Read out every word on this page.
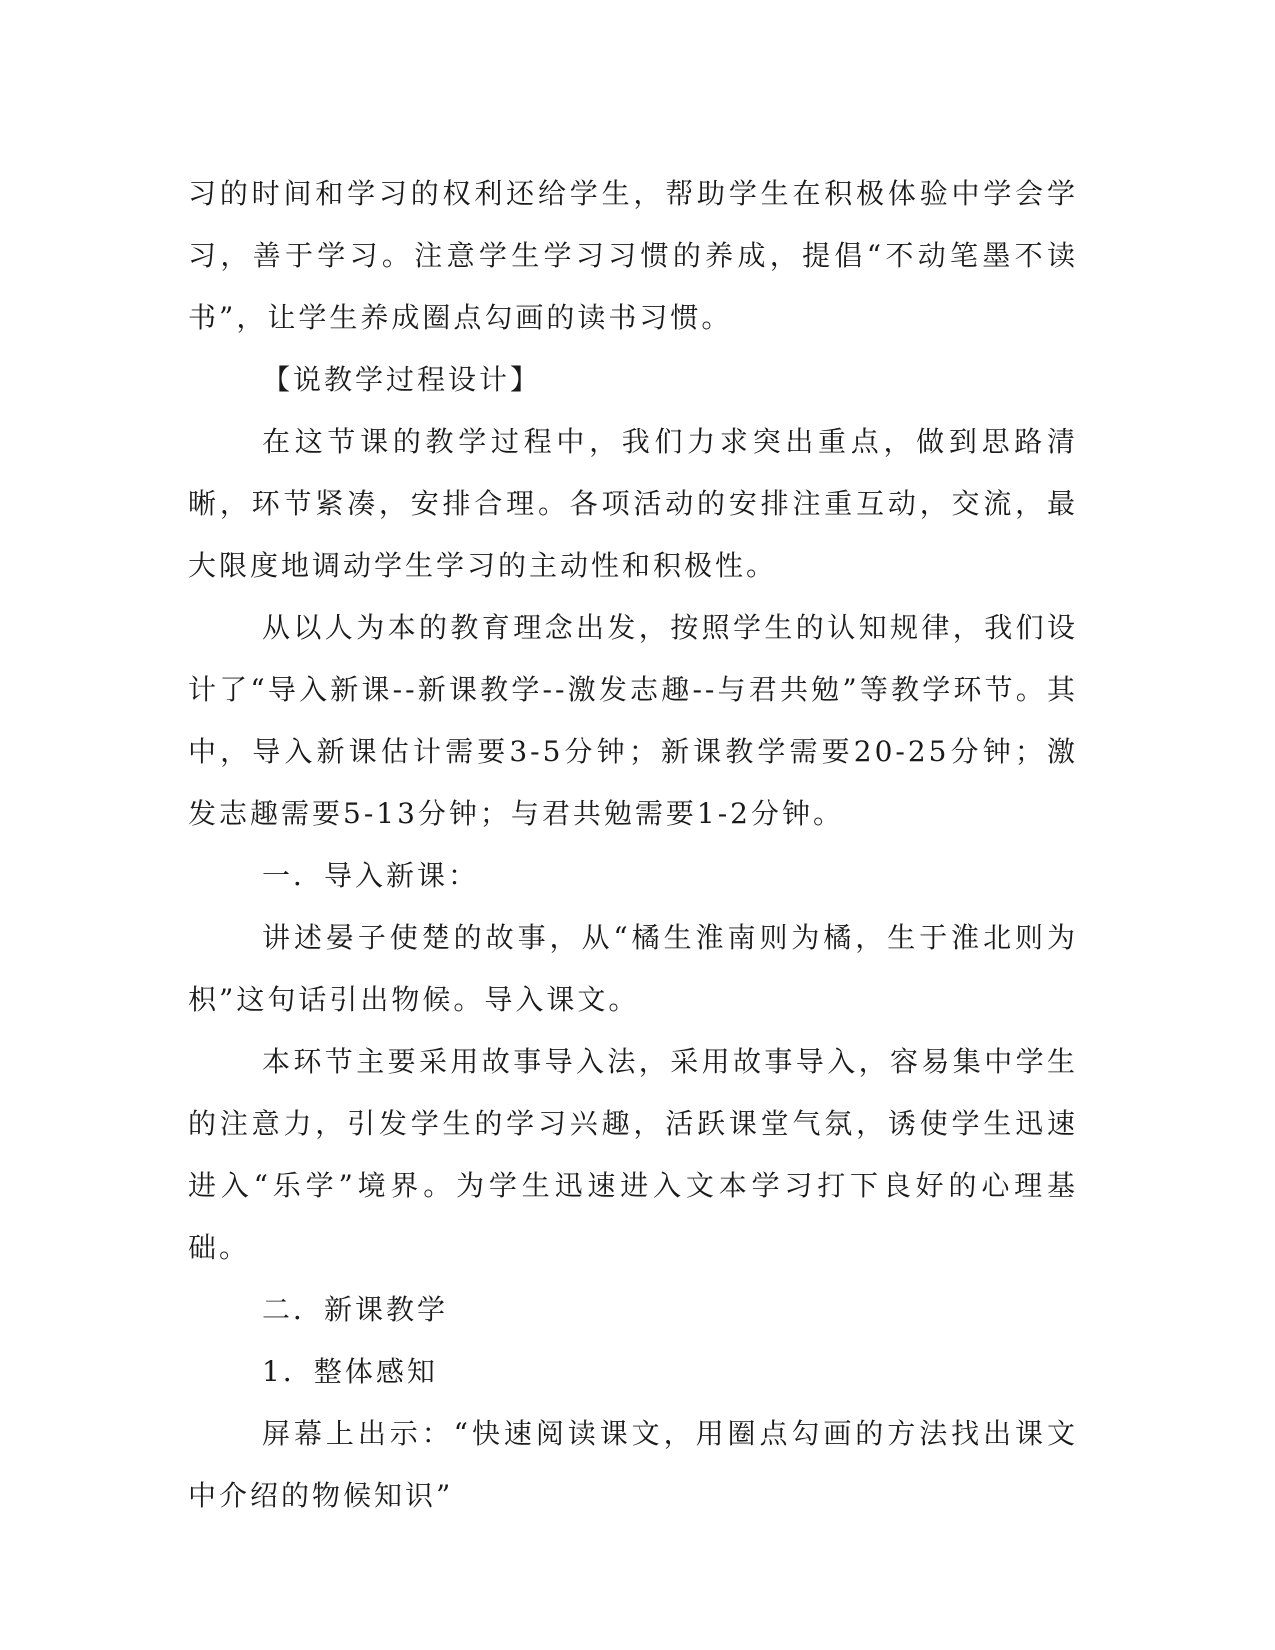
习的时间和学习的权利还给学生，帮助学生在积极体验中学会学习，善于学习。注意学生学习习惯的养成，提倡“不动笔墨不读书”，让学生养成圈点勾画的读书习惯。

【说教学过程设计】

在这节课的教学过程中，我们力求突出重点，做到思路清晰，环节紧凑，安排合理。各项活动的安排注重互动，交流，最大限度地调动学生学习的主动性和积极性。

从以人为本的教育理念出发，按照学生的认知规律，我们设计了“导入新课--新课教学--激发志趣--与君共勉”等教学环节。其中，导入新课估计需要3-5分钟；新课教学需要20-25分钟；激发志趣需要5-13分钟；与君共勉需要1-2分钟。

一．导入新课：

讲述晏子使楚的故事，从“橘生淮南则为橘，生于淮北则为枳”这句话引出物候。导入课文。

本环节主要采用故事导入法，采用故事导入，容易集中学生的注意力，引发学生的学习兴趣，活跃课堂气氛，诱使学生迅速进入“乐学”境界。为学生迅速进入文本学习打下良好的心理基础。

二．新课教学

1．整体感知

屏幕上出示：“快速阅读课文，用圈点勾画的方法找出课文中介绍的物候知识”
